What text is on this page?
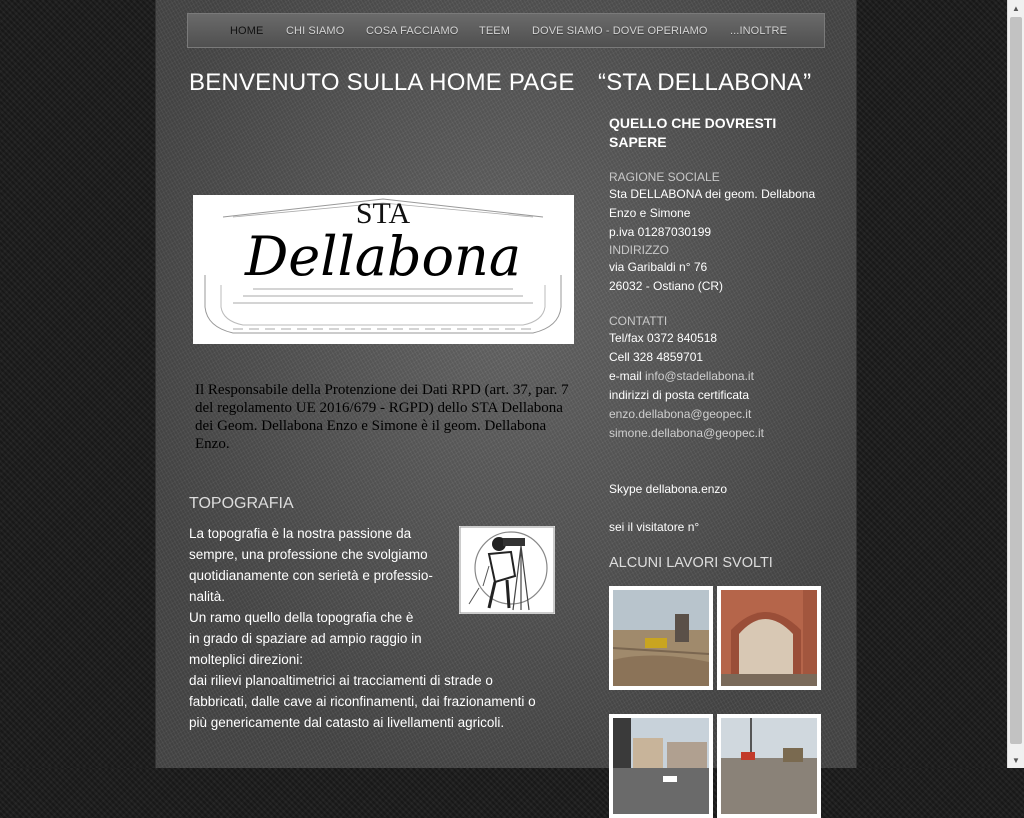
HOME CHI SIAMO COSA FACCIAMO TEEM DOVE SIAMO - DOVE OPERIAMO ...INOLTRE
BENVENUTO SULLA HOME PAGE “STA DELLABONA”
STA
Dellabona
Il Responsabile della Protenzione dei Dati RPD (art. 37, par. 7 del regolamento UE 2016/679 - RGPD) dello STA Dellabona dei Geom. Dellabona Enzo e Simone è il geom. Dellabona Enzo.
TOPOGRAFIA

La topografia è la nostra passione da

sempre, una professione che svolgiamo

quotidianamente con serietà e professio-

nalità.

Un ramo quello della topografia che è

in grado di spaziare ad ampio raggio in

molteplici direzioni:

dai rilievi planoaltimetrici ai tracciamenti di strade o

fabbricati, dalle cave ai riconfinamenti, dai frazionamenti o

più genericamente dal catasto ai livellamenti agricoli.

QUELLO CHE DOVRESTI SAPERE
RAGIONE SOCIALE
Sta DELLABONA dei geom. Dellabona
Enzo e Simone
p.iva 01287030199
INDIRIZZO
via Garibaldi n° 76
26032 - Ostiano (CR)
CONTATTI
Tel/fax 0372 840518
Cell 328 4859701
e-mail info@stadellabona.it
indirizzi di posta certificata
enzo.dellabona@geopec.it
simone.dellabona@geopec.it
Skype dellabona.enzo
sei il visitatore n°
ALCUNI LAVORI SVOLTI
▲
▼
